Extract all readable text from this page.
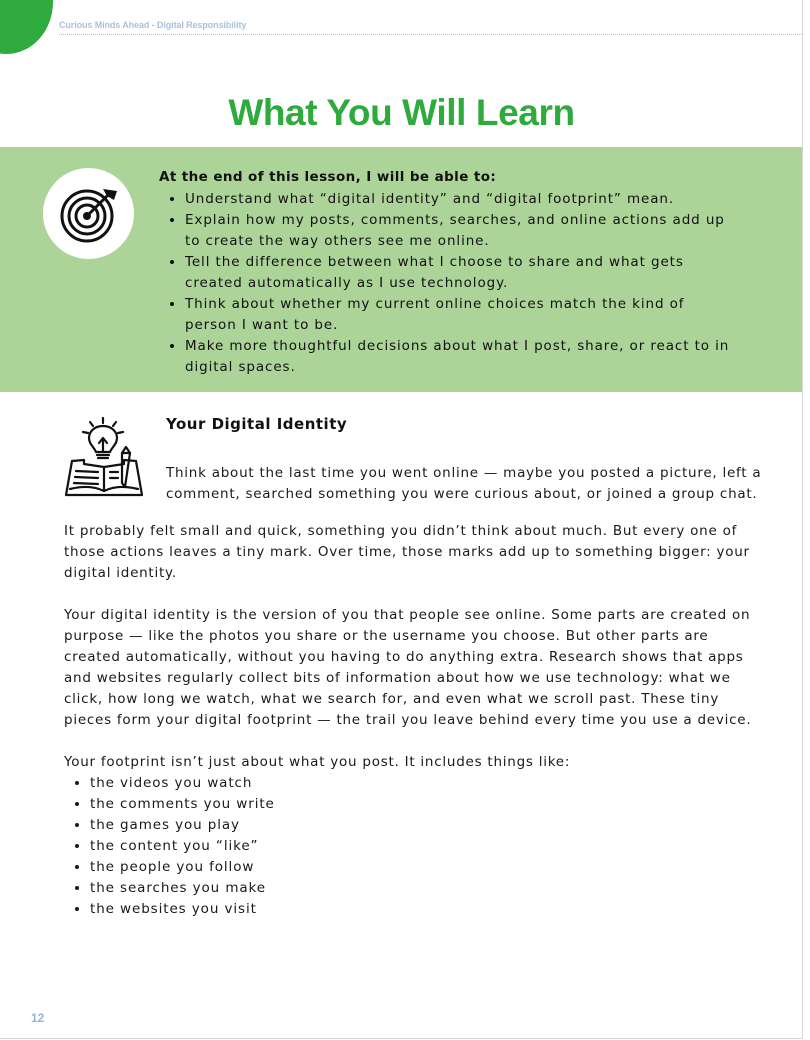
Curious Minds Ahead - Digital Responsibility
What You Will Learn
At the end of this lesson, I will be able to:
• Understand what “digital identity” and “digital footprint” mean.
• Explain how my posts, comments, searches, and online actions add up to create the way others see me online.
• Tell the difference between what I choose to share and what gets created automatically as I use technology.
• Think about whether my current online choices match the kind of person I want to be.
• Make more thoughtful decisions about what I post, share, or react to in digital spaces.
Your Digital Identity

Think about the last time you went online — maybe you posted a picture, left a comment, searched something you were curious about, or joined a group chat.

It probably felt small and quick, something you didn’t think about much. But every one of those actions leaves a tiny mark. Over time, those marks add up to something bigger: your digital identity.

Your digital identity is the version of you that people see online. Some parts are created on purpose — like the photos you share or the username you choose. But other parts are created automatically, without you having to do anything extra. Research shows that apps and websites regularly collect bits of information about how we use technology: what we click, how long we watch, what we search for, and even what we scroll past. These tiny pieces form your digital footprint — the trail you leave behind every time you use a device.

Your footprint isn’t just about what you post. It includes things like:

• the videos you watch
• the comments you write
• the games you play
• the content you “like”
• the people you follow
• the searches you make
• the websites you visit
12
